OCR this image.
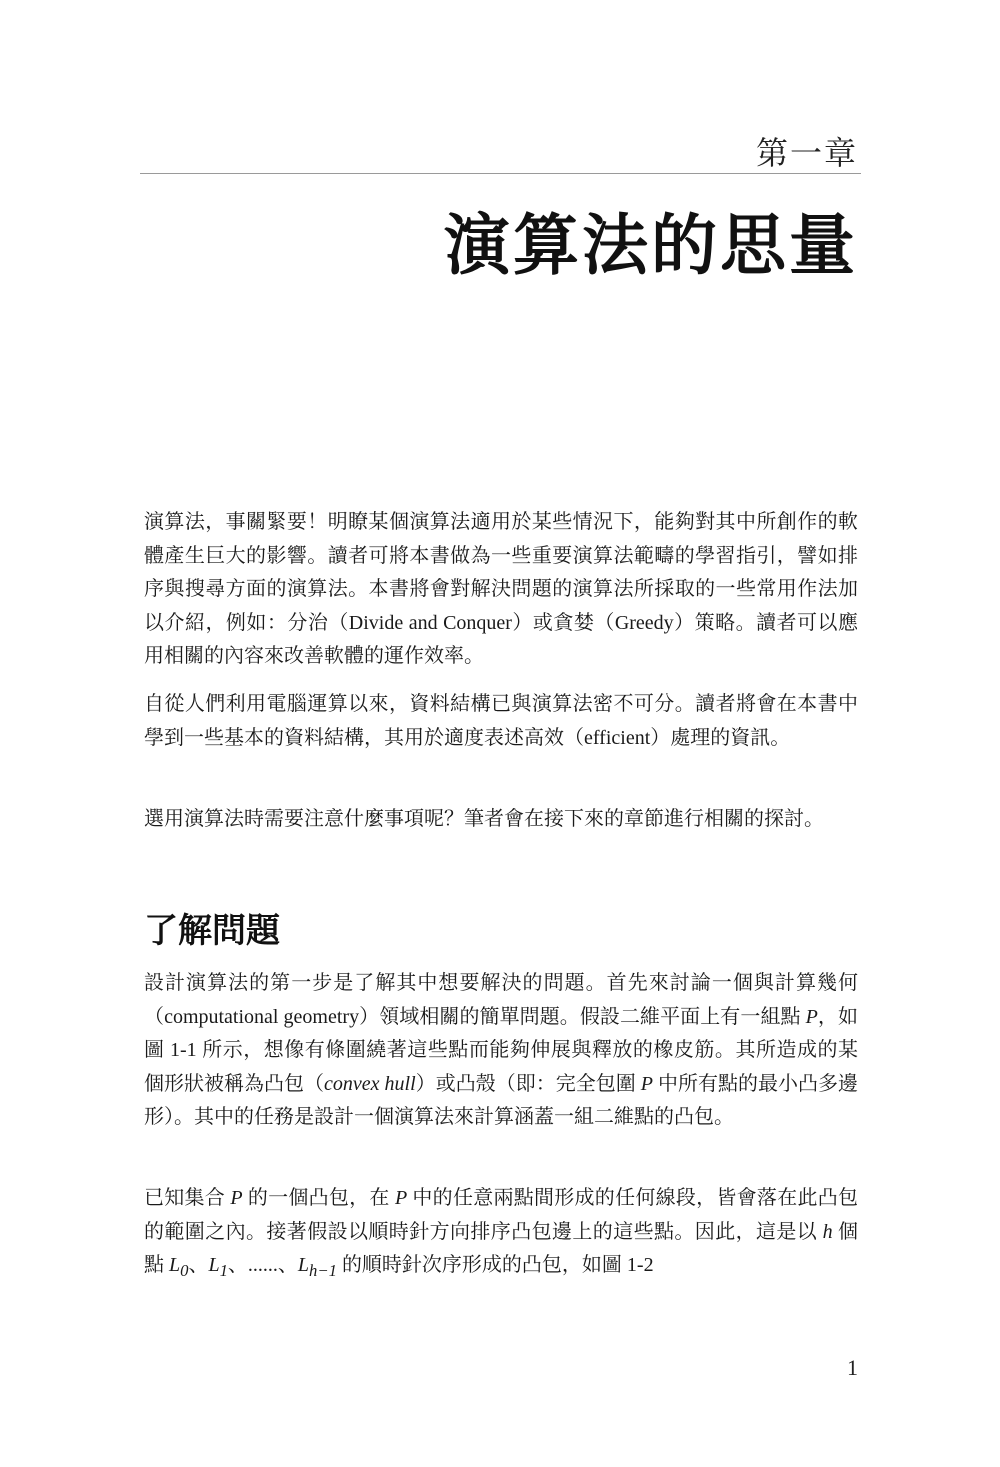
第一章
演算法的思量

演算法，事關緊要！明瞭某個演算法適用於某些情況下，能夠對其中所創作的軟體產生巨大的影響。讀者可將本書做為一些重要演算法範疇的學習指引，譬如排序與搜尋方面的演算法。本書將會對解決問題的演算法所採取的一些常用作法加以介紹，例如：分治（Divide and Conquer）或貪婪（Greedy）策略。讀者可以應用相關的內容來改善軟體的運作效率。

自從人們利用電腦運算以來，資料結構已與演算法密不可分。讀者將會在本書中學到一些基本的資料結構，其用於適度表述高效（efficient）處理的資訊。

選用演算法時需要注意什麼事項呢？筆者會在接下來的章節進行相關的探討。

了解問題

設計演算法的第一步是了解其中想要解決的問題。首先來討論一個與計算幾何（computational geometry）領域相關的簡單問題。假設二維平面上有一組點 P，如圖 1-1 所示，想像有條圍繞著這些點而能夠伸展與釋放的橡皮筋。其所造成的某個形狀被稱為凸包（convex hull）或凸殼（即：完全包圍 P 中所有點的最小凸多邊形）。其中的任務是設計一個演算法來計算涵蓋一組二維點的凸包。

已知集合 P 的一個凸包，在 P 中的任意兩點間形成的任何線段，皆會落在此凸包的範圍之內。接著假設以順時針方向排序凸包邊上的這些點。因此，這是以 h 個點 $L_0$、$L_1$、......、$L_{h-1}$ 的順時針次序形成的凸包，如圖 1-2

1
